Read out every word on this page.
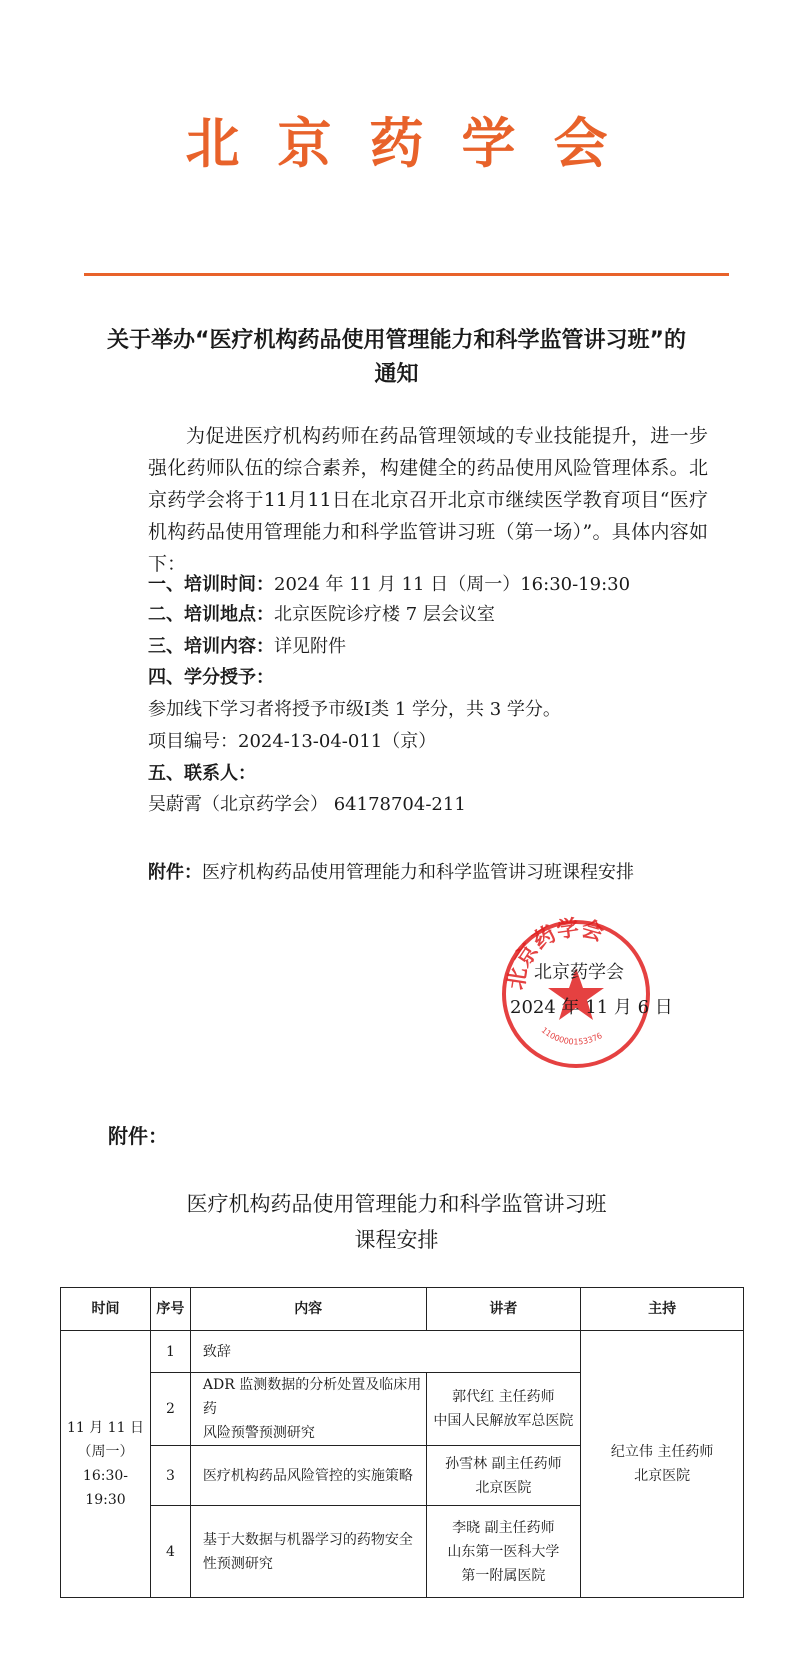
北京药学会
关于举办“医疗机构药品使用管理能力和科学监管讲习班”的
通知
为促进医疗机构药师在药品管理领域的专业技能提升，进一步强化药师队伍的综合素养，构建健全的药品使用风险管理体系。北京药学会将于11月11日在北京召开北京市继续医学教育项目“医疗机构药品使用管理能力和科学监管讲习班（第一场）”。具体内容如下：
一、培训时间：2024 年 11 月 11 日（周一）16:30-19:30
二、培训地点：北京医院诊疗楼 7 层会议室
三、培训内容：详见附件
四、学分授予：
参加线下学习者将授予市级Ⅰ类 1 学分，共 3 学分。
项目编号：2024-13-04-011（京）
五、联系人：
吴蔚霄（北京药学会） 64178704-211
附件：医疗机构药品使用管理能力和科学监管讲习班课程安排
北京药学会
1100000153376
北京药学会
2024 年 11 月 6 日
附件：
医疗机构药品使用管理能力和科学监管讲习班
课程安排
时间	序号	内容	讲者	主持

11 月 11 日
（周一）
16:30-19:30	1	致辞		纪立伟 主任药师
北京医院

	2	ADR 监测数据的分析处置及临床用药
风险预警预测研究	郭代红 主任药师
中国人民解放军总医院	

	3	医疗机构药品风险管控的实施策略	孙雪林 副主任药师
北京医院	

	4	基于大数据与机器学习的药物安全
性预测研究	李晓 副主任药师
山东第一医科大学
第一附属医院	
